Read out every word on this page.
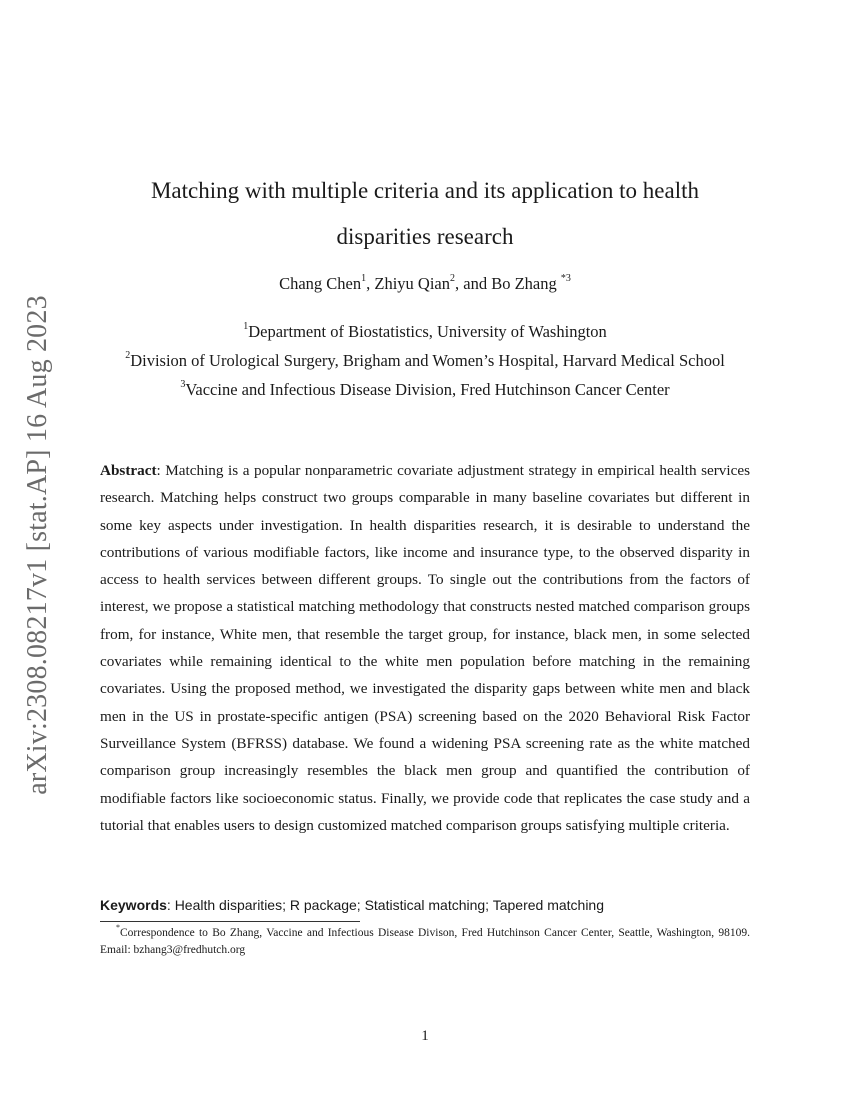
arXiv:2308.08217v1 [stat.AP] 16 Aug 2023
Matching with multiple criteria and its application to health
disparities research
Chang Chen$^1$, Zhiyu Qian$^2$, and Bo Zhang $^{*3}$
$^1$Department of Biostatistics, University of Washington
$^2$Division of Urological Surgery, Brigham and Women’s Hospital, Harvard Medical School
$^3$Vaccine and Infectious Disease Division, Fred Hutchinson Cancer Center
Abstract: Matching is a popular nonparametric covariate adjustment strategy in empirical health services research. Matching helps construct two groups comparable in many baseline covariates but different in some key aspects under investigation. In health disparities research, it is desirable to understand the contributions of various modifiable factors, like income and insurance type, to the observed disparity in access to health services between different groups. To single out the contributions from the factors of interest, we propose a statistical matching methodology that constructs nested matched comparison groups from, for instance, White men, that resemble the target group, for instance, black men, in some selected covariates while remaining identical to the white men population before matching in the remaining covariates. Using the proposed method, we investigated the disparity gaps between white men and black men in the US in prostate-specific antigen (PSA) screening based on the 2020 Behavioral Risk Factor Surveillance System (BFRSS) database. We found a widening PSA screening rate as the white matched comparison group increasingly resembles the black men group and quantified the contribution of modifiable factors like socioeconomic status. Finally, we provide code that replicates the case study and a tutorial that enables users to design customized matched comparison groups satisfying multiple criteria.
Keywords: Health disparities; R package; Statistical matching; Tapered matching
*Correspondence to Bo Zhang, Vaccine and Infectious Disease Divison, Fred Hutchinson Cancer Center, Seattle, Washington, 98109. Email: bzhang3@fredhutch.org
1
